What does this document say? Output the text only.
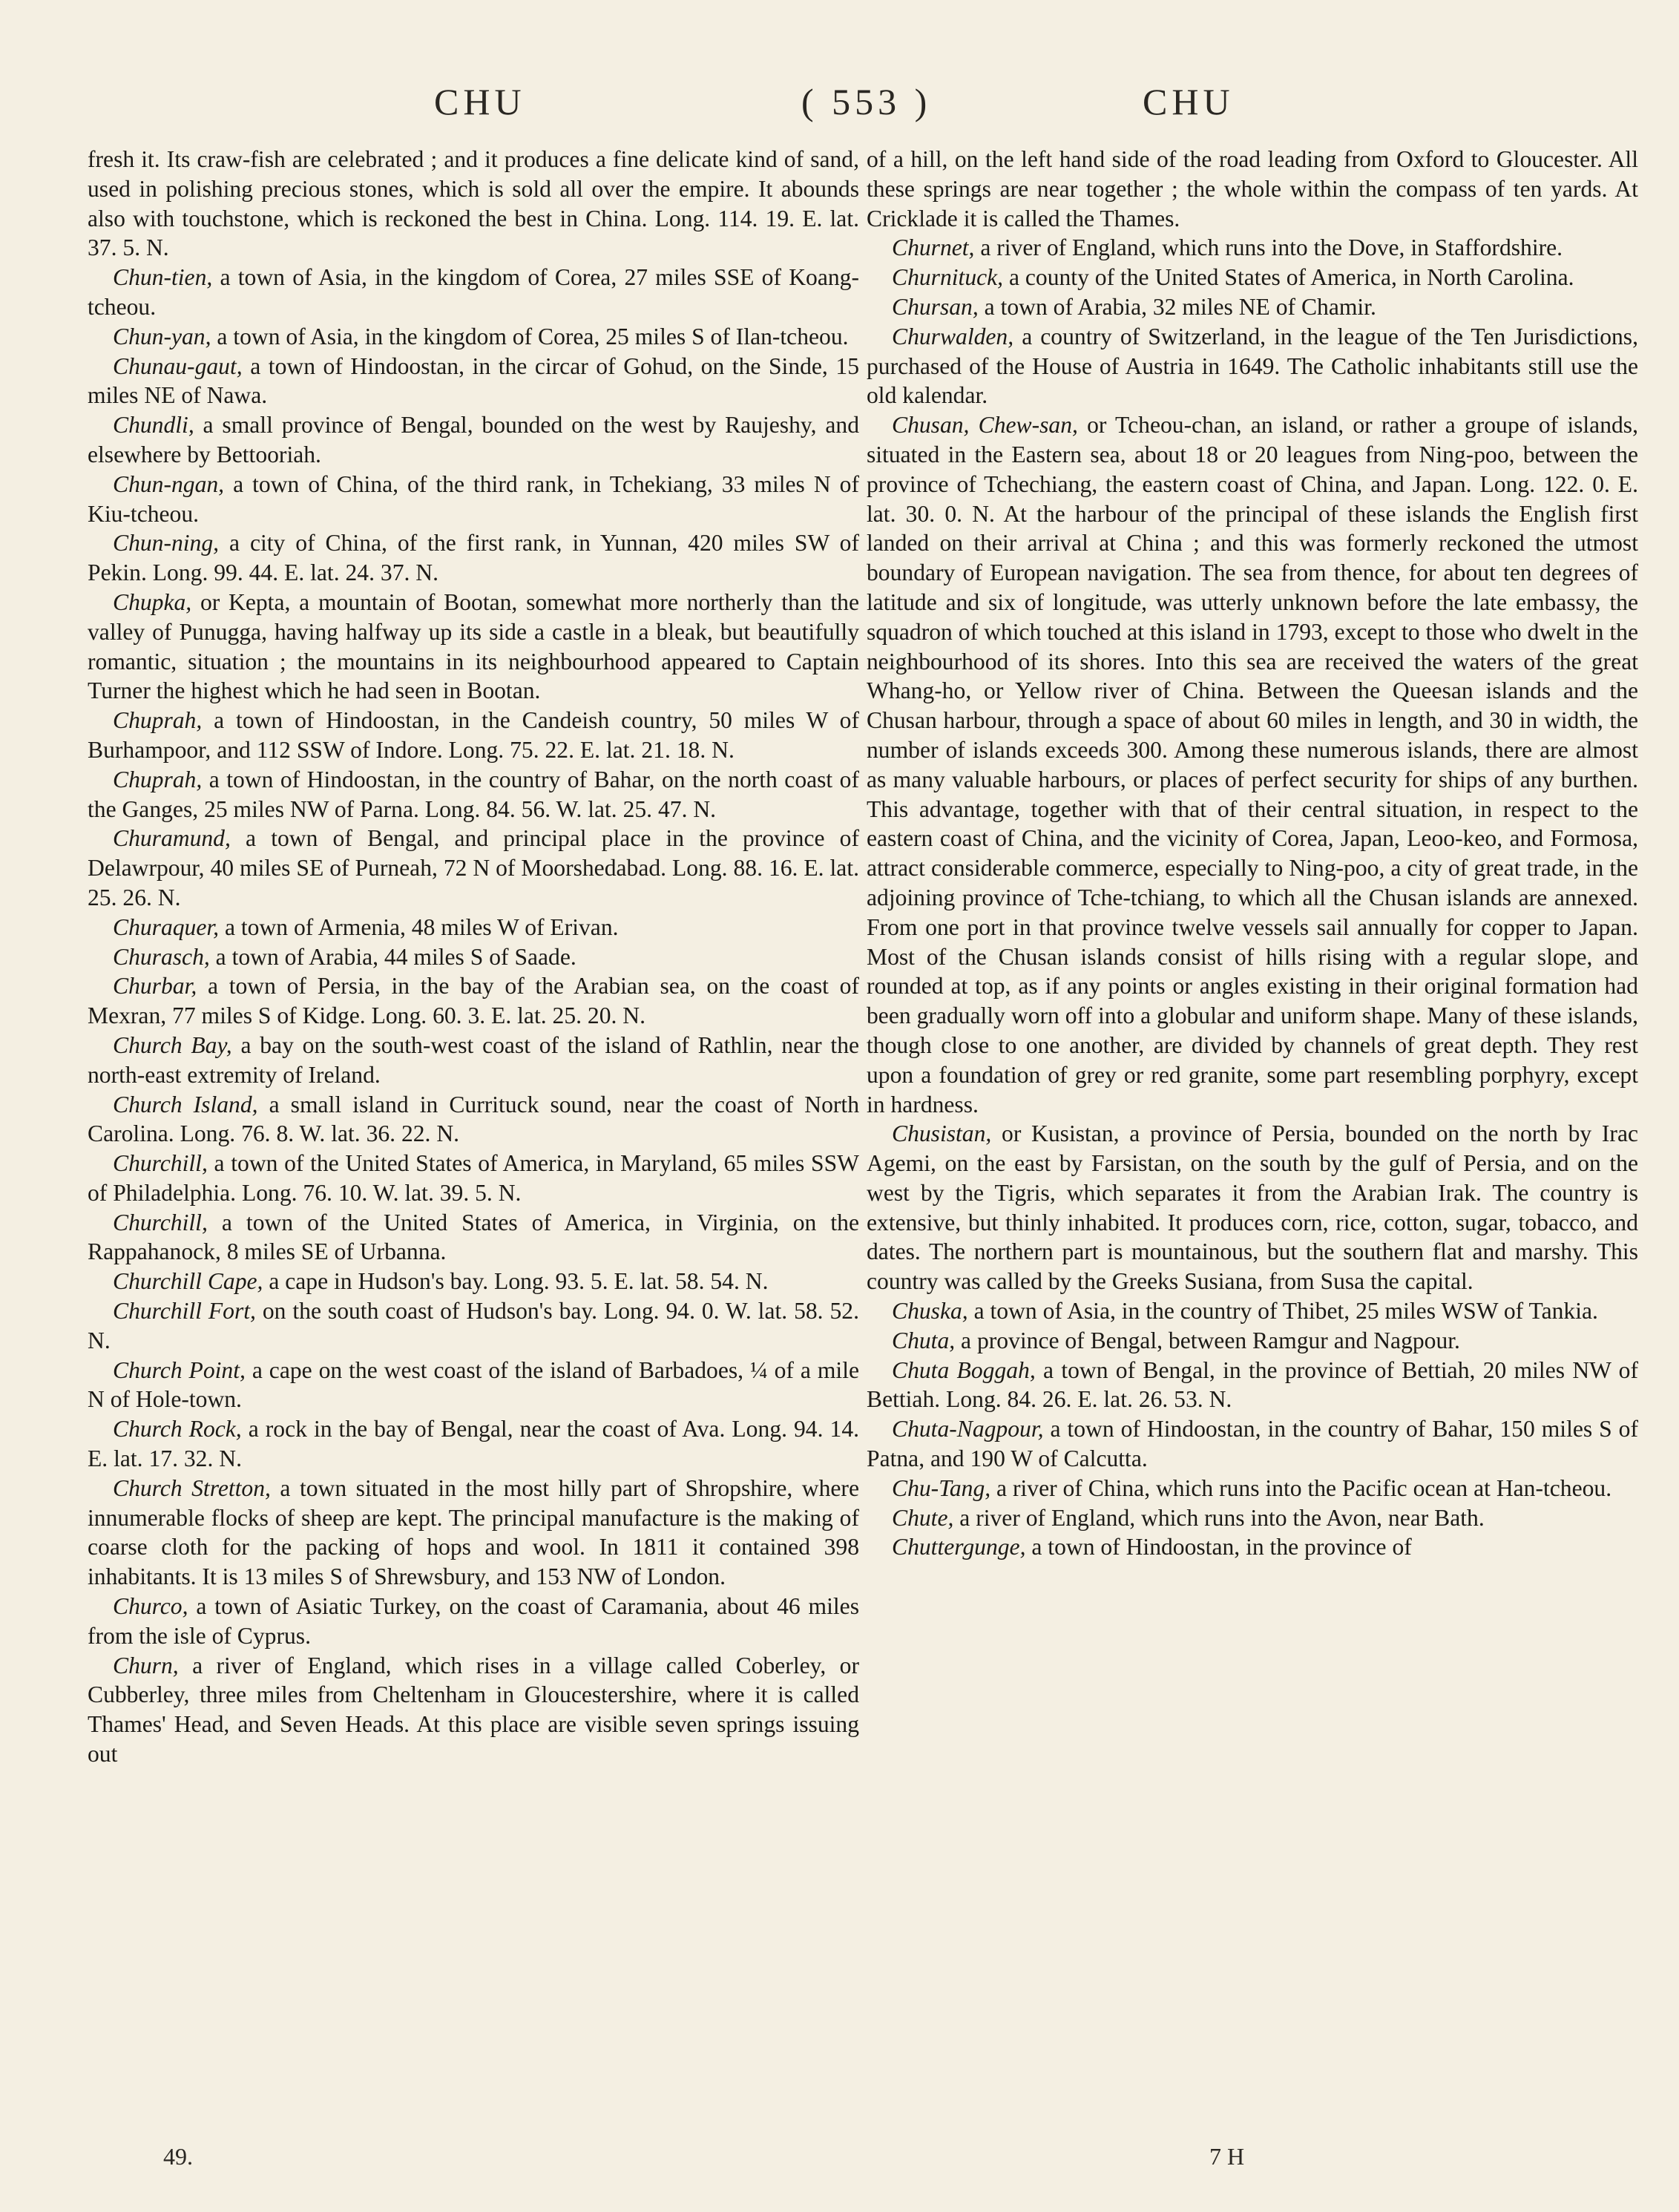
CHU	( 553 )	CHU

fresh it. Its craw-fish are celebrated ; and it produces a fine delicate kind of sand, used in polishing precious stones, which is sold all over the empire. It abounds also with touchstone, which is reckoned the best in China. Long. 114. 19. E. lat. 37. 5. N.

Chun-tien, a town of Asia, in the kingdom of Corea, 27 miles SSE of Koang-tcheou.

Chun-yan, a town of Asia, in the kingdom of Corea, 25 miles S of Ilan-tcheou.

Chunau-gaut, a town of Hindoostan, in the circar of Gohud, on the Sinde, 15 miles NE of Nawa.

Chundli, a small province of Bengal, bounded on the west by Raujeshy, and elsewhere by Bettooriah.

Chun-ngan, a town of China, of the third rank, in Tchekiang, 33 miles N of Kiu-tcheou.

Chun-ning, a city of China, of the first rank, in Yunnan, 420 miles SW of Pekin. Long. 99. 44. E. lat. 24. 37. N.

Chupka, or Kepta, a mountain of Bootan, somewhat more northerly than the valley of Punugga, having halfway up its side a castle in a bleak, but beautifully romantic, situation ; the mountains in its neighbourhood appeared to Captain Turner the highest which he had seen in Bootan.

Chuprah, a town of Hindoostan, in the Candeish country, 50 miles W of Burhampoor, and 112 SSW of Indore. Long. 75. 22. E. lat. 21. 18. N.

Chuprah, a town of Hindoostan, in the country of Bahar, on the north coast of the Ganges, 25 miles NW of Parna. Long. 84. 56. W. lat. 25. 47. N.

Churamund, a town of Bengal, and principal place in the province of Delawrpour, 40 miles SE of Purneah, 72 N of Moorshedabad. Long. 88. 16. E. lat. 25. 26. N.

Churaquer, a town of Armenia, 48 miles W of Erivan.

Churasch, a town of Arabia, 44 miles S of Saade.

Churbar, a town of Persia, in the bay of the Arabian sea, on the coast of Mexran, 77 miles S of Kidge. Long. 60. 3. E. lat. 25. 20. N.

Church Bay, a bay on the south-west coast of the island of Rathlin, near the north-east extremity of Ireland.

Church Island, a small island in Currituck sound, near the coast of North Carolina. Long. 76. 8. W. lat. 36. 22. N.

Churchill, a town of the United States of America, in Maryland, 65 miles SSW of Philadelphia. Long. 76. 10. W. lat. 39. 5. N.

Churchill, a town of the United States of America, in Virginia, on the Rappahanock, 8 miles SE of Urbanna.

Churchill Cape, a cape in Hudson's bay. Long. 93. 5. E. lat. 58. 54. N.

Churchill Fort, on the south coast of Hudson's bay. Long. 94. 0. W. lat. 58. 52. N.

Church Point, a cape on the west coast of the island of Barbadoes, ¼ of a mile N of Hole-town.

Church Rock, a rock in the bay of Bengal, near the coast of Ava. Long. 94. 14. E. lat. 17. 32. N.

Church Stretton, a town situated in the most hilly part of Shropshire, where innumerable flocks of sheep are kept. The principal manufacture is the making of coarse cloth for the packing of hops and wool. In 1811 it contained 398 inhabitants. It is 13 miles S of Shrewsbury, and 153 NW of London.

Churco, a town of Asiatic Turkey, on the coast of Caramania, about 46 miles from the isle of Cyprus.

Churn, a river of England, which rises in a village called Coberley, or Cubberley, three miles from Cheltenham in Gloucestershire, where it is called Thames' Head, and Seven Heads. At this place are visible seven springs issuing out

of a hill, on the left hand side of the road leading from Oxford to Gloucester. All these springs are near together ; the whole within the compass of ten yards. At Cricklade it is called the Thames.

Churnet, a river of England, which runs into the Dove, in Staffordshire.

Churnituck, a county of the United States of America, in North Carolina.

Chursan, a town of Arabia, 32 miles NE of Chamir.

Churwalden, a country of Switzerland, in the league of the Ten Jurisdictions, purchased of the House of Austria in 1649. The Catholic inhabitants still use the old kalendar.

Chusan, Chew-san, or Tcheou-chan, an island, or rather a groupe of islands, situated in the Eastern sea, about 18 or 20 leagues from Ning-poo, between the province of Tchechiang, the eastern coast of China, and Japan. Long. 122. 0. E. lat. 30. 0. N. At the harbour of the principal of these islands the English first landed on their arrival at China ; and this was formerly reckoned the utmost boundary of European navigation. The sea from thence, for about ten degrees of latitude and six of longitude, was utterly unknown before the late embassy, the squadron of which touched at this island in 1793, except to those who dwelt in the neighbourhood of its shores. Into this sea are received the waters of the great Whang-ho, or Yellow river of China. Between the Queesan islands and the Chusan harbour, through a space of about 60 miles in length, and 30 in width, the number of islands exceeds 300. Among these numerous islands, there are almost as many valuable harbours, or places of perfect security for ships of any burthen. This advantage, together with that of their central situation, in respect to the eastern coast of China, and the vicinity of Corea, Japan, Leoo-keo, and Formosa, attract considerable commerce, especially to Ning-poo, a city of great trade, in the adjoining province of Tche-tchiang, to which all the Chusan islands are annexed. From one port in that province twelve vessels sail annually for copper to Japan. Most of the Chusan islands consist of hills rising with a regular slope, and rounded at top, as if any points or angles existing in their original formation had been gradually worn off into a globular and uniform shape. Many of these islands, though close to one another, are divided by channels of great depth. They rest upon a foundation of grey or red granite, some part resembling porphyry, except in hardness.

Chusistan, or Kusistan, a province of Persia, bounded on the north by Irac Agemi, on the east by Farsistan, on the south by the gulf of Persia, and on the west by the Tigris, which separates it from the Arabian Irak. The country is extensive, but thinly inhabited. It produces corn, rice, cotton, sugar, tobacco, and dates. The northern part is mountainous, but the southern flat and marshy. This country was called by the Greeks Susiana, from Susa the capital.

Chuska, a town of Asia, in the country of Thibet, 25 miles WSW of Tankia.

Chuta, a province of Bengal, between Ramgur and Nagpour.

Chuta Boggah, a town of Bengal, in the province of Bettiah, 20 miles NW of Bettiah. Long. 84. 26. E. lat. 26. 53. N.

Chuta-Nagpour, a town of Hindoostan, in the country of Bahar, 150 miles S of Patna, and 190 W of Calcutta.

Chu-Tang, a river of China, which runs into the Pacific ocean at Han-tcheou.

Chute, a river of England, which runs into the Avon, near Bath.

Chuttergunge, a town of Hindoostan, in the province of

49.	7 H
